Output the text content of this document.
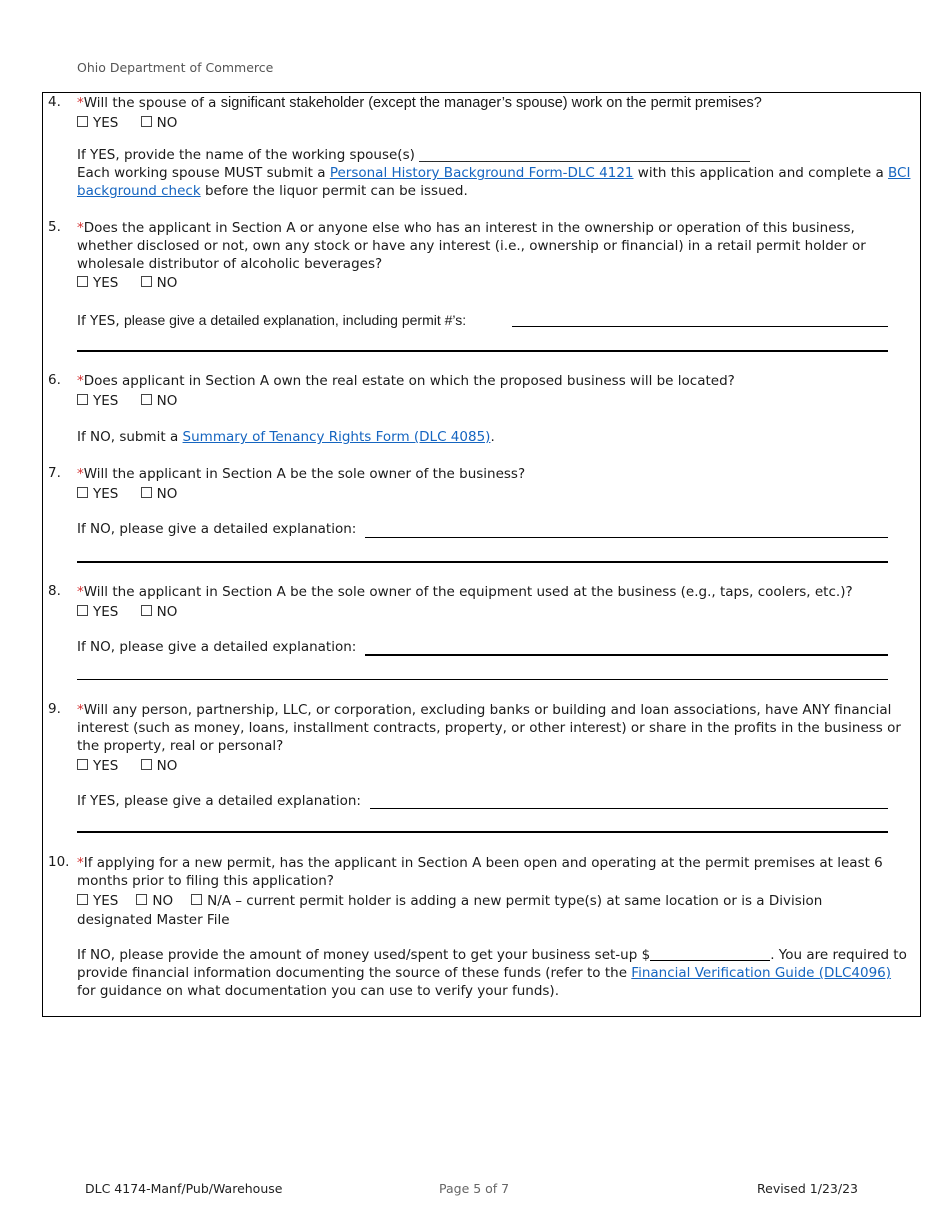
Ohio Department of Commerce
4. *Will the spouse of a significant stakeholder (except the manager’s spouse) work on the permit premises?
YES	NO
If YES, provide the name of the working spouse(s) _________________________________________________
Each working spouse MUST submit a Personal History Background Form-DLC 4121 with this application and complete a BCI background check before the liquor permit can be issued.
5. *Does the applicant in Section A or anyone else who has an interest in the ownership or operation of this business, whether disclosed or not, own any stock or have any interest (i.e., ownership or financial) in a retail permit holder or wholesale distributor of alcoholic beverages?
YES	NO
If YES, please give a detailed explanation, including permit #’s:
6. *Does applicant in Section A own the real estate on which the proposed business will be located?
YES	NO
If NO, submit a Summary of Tenancy Rights Form (DLC 4085).
7. *Will the applicant in Section A be the sole owner of the business?
YES	NO
If NO, please give a detailed explanation:
8. *Will the applicant in Section A be the sole owner of the equipment used at the business (e.g., taps, coolers, etc.)?
YES	NO
If NO, please give a detailed explanation:
9. *Will any person, partnership, LLC, or corporation, excluding banks or building and loan associations, have ANY financial interest (such as money, loans, installment contracts, property, or other interest) or share in the profits in the business or the property, real or personal?
YES	NO
If YES, please give a detailed explanation:
10. *If applying for a new permit, has the applicant in Section A been open and operating at the permit premises at least 6 months prior to filing this application?
YES	NO	N/A – current permit holder is adding a new permit type(s) at same location or is a Division designated Master File
If NO, please provide the amount of money used/spent to get your business set-up $	. You are required to provide financial information documenting the source of these funds (refer to the Financial Verification Guide (DLC4096) for guidance on what documentation you can use to verify your funds).
DLC 4174-Manf/Pub/Warehouse	Page 5 of 7	Revised 1/23/23
